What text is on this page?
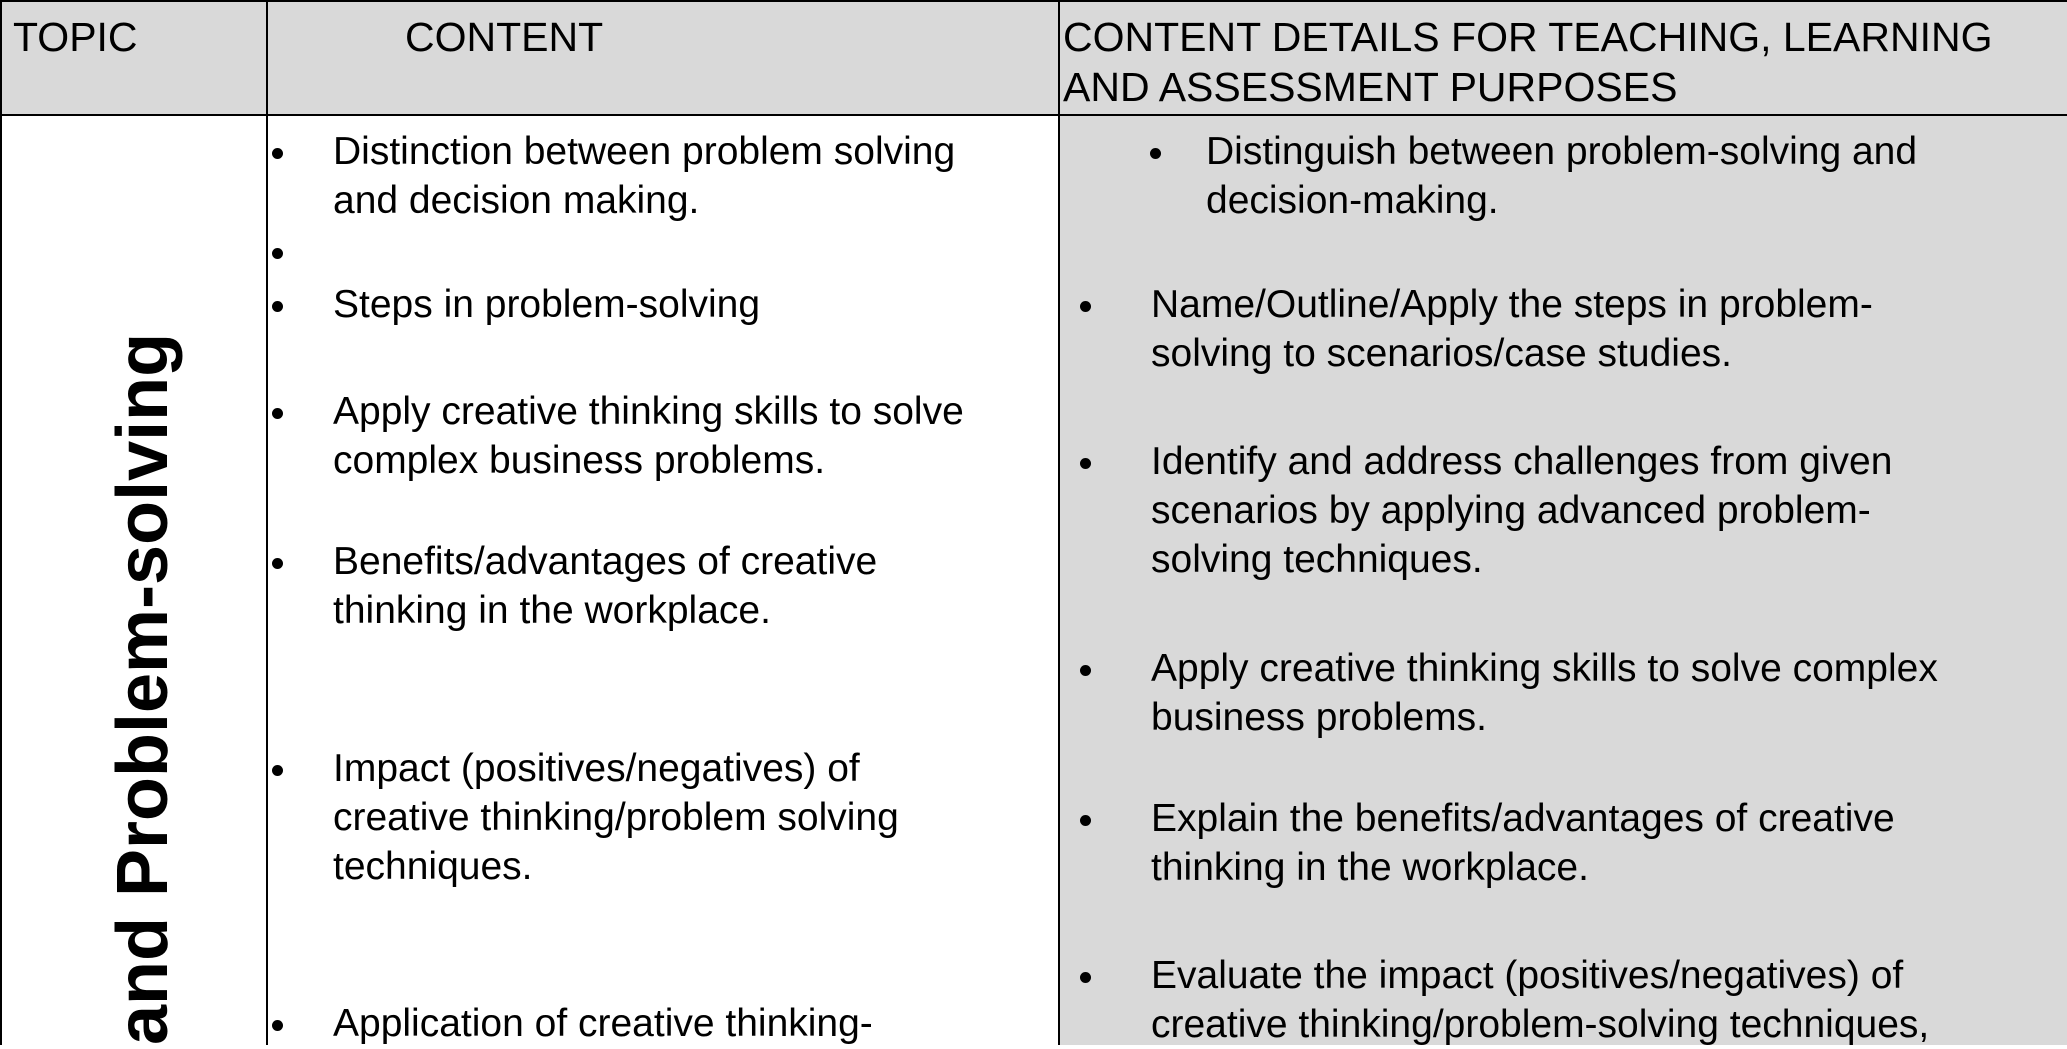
TOPIC	CONTENT	CONTENT DETAILS FOR TEACHING, LEARNING
AND ASSESSMENT PURPOSES
and Problem-solving
Distinction between problem solving
and decision making.
Steps in problem-solving
Apply creative thinking skills to solve
complex business problems.
Benefits/advantages of creative
thinking in the workplace.
Impact (positives/negatives) of
creative thinking/problem solving
techniques.
Application of creative thinking-
Distinguish between problem-solving and
decision-making.
Name/Outline/Apply the steps in problem-
solving to scenarios/case studies.
Identify and address challenges from given
scenarios by applying advanced problem-
solving techniques.
Apply creative thinking skills to solve complex
business problems.
Explain the benefits/advantages of creative
thinking in the workplace.
Evaluate the impact (positives/negatives) of
creative thinking/problem-solving techniques,
